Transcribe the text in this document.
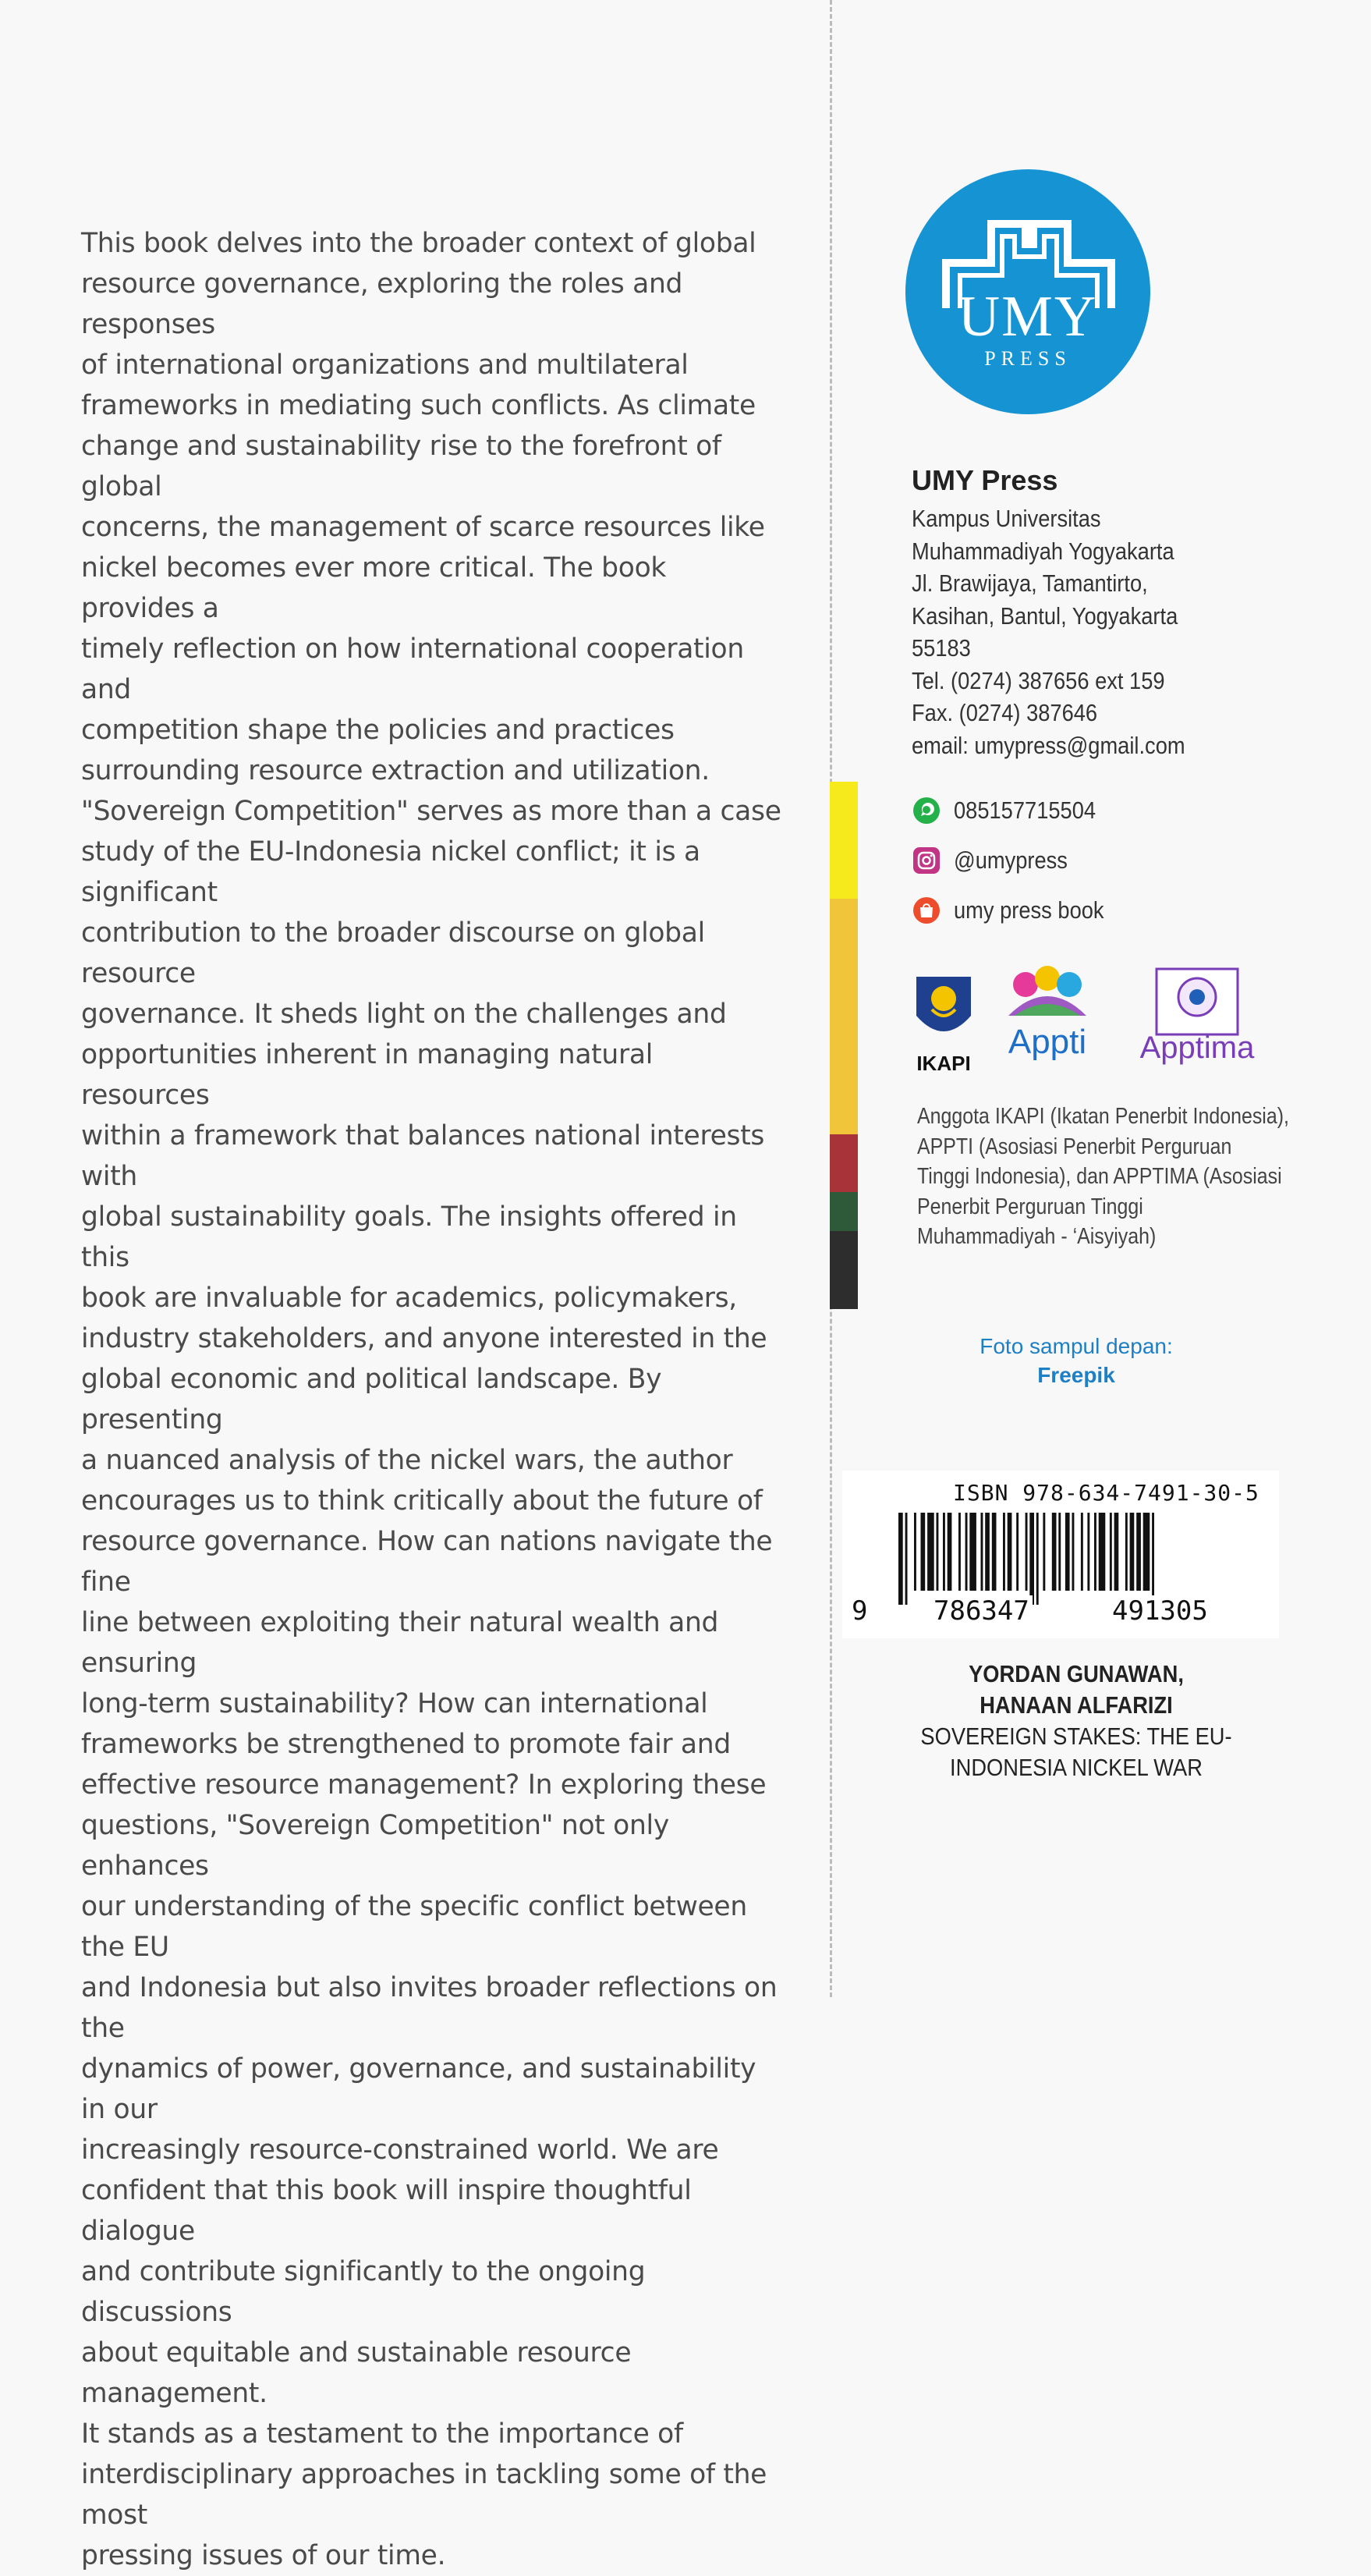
This book delves into the broader context of global

resource governance, exploring the roles and responses

of international organizations and multilateral

frameworks in mediating such conflicts. As climate

change and sustainability rise to the forefront of global

concerns, the management of scarce resources like

nickel becomes ever more critical. The book provides a

timely reflection on how international cooperation and

competition shape the policies and practices

surrounding resource extraction and utilization.

"Sovereign Competition" serves as more than a case

study of the EU-Indonesia nickel conflict; it is a significant

contribution to the broader discourse on global resource

governance. It sheds light on the challenges and

opportunities inherent in managing natural resources

within a framework that balances national interests with

global sustainability goals. The insights offered in this

book are invaluable for academics, policymakers,

industry stakeholders, and anyone interested in the

global economic and political landscape. By presenting

a nuanced analysis of the nickel wars, the author

encourages us to think critically about the future of

resource governance. How can nations navigate the fine

line between exploiting their natural wealth and ensuring

long-term sustainability? How can international

frameworks be strengthened to promote fair and

effective resource management? In exploring these

questions, "Sovereign Competition" not only enhances

our understanding of the specific conflict between the EU

and Indonesia but also invites broader reflections on the

dynamics of power, governance, and sustainability in our

increasingly resource-constrained world. We are

confident that this book will inspire thoughtful dialogue

and contribute significantly to the ongoing discussions

about equitable and sustainable resource management.

It stands as a testament to the importance of

interdisciplinary approaches in tackling some of the most

pressing issues of our time.

UMY
PRESS
UMY Press
Kampus Universitas
Muhammadiyah Yogyakarta
Jl. Brawijaya, Tamantirto,
Kasihan, Bantul, Yogyakarta
55183
Tel. (0274) 387656 ext 159
Fax. (0274) 387646
email: umypress@gmail.com
085157715504
@umypress
umy press book
IKAPI
Appti Apptima
Anggota IKAPI (Ikatan Penerbit Indonesia),
APPTI (Asosiasi Penerbit Perguruan
Tinggi Indonesia), dan APPTIMA (Asosiasi
Penerbit Perguruan Tinggi
Muhammadiyah - ‘Aisyiyah)
Foto sampul depan:
Freepik
ISBN 978-634-7491-30-5
9 786347	491305
YORDAN GUNAWAN,
HANAAN ALFARIZI
SOVEREIGN STAKES: THE EU-
INDONESIA NICKEL WAR
